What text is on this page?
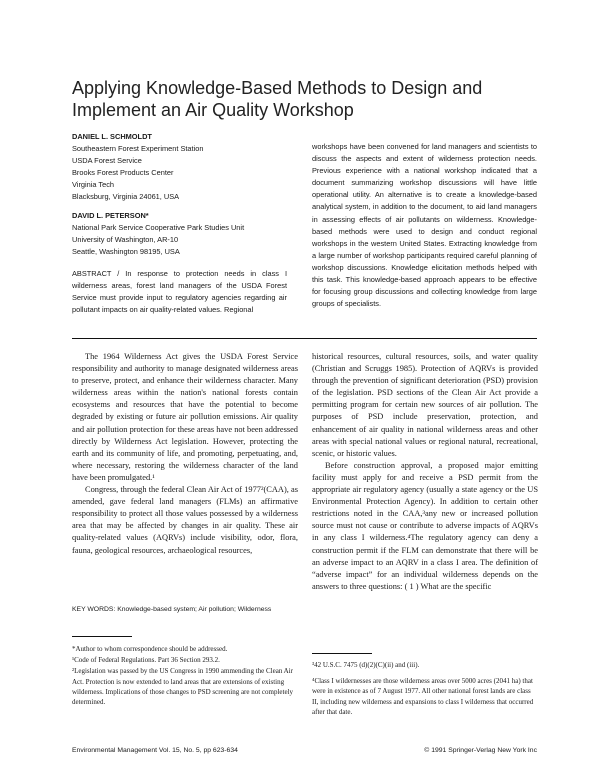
Applying Knowledge-Based Methods to Design and
Implement an Air Quality Workshop
DANIEL L. SCHMOLDT
Southeastern Forest Experiment Station
USDA Forest Service
Brooks Forest Products Center
Virginia Tech
Blacksburg, Virginia 24061, USA
DAVID L. PETERSON*
National Park Service Cooperative Park Studies Unit
University of Washington, AR-10
Seattle, Washington 98195, USA
ABSTRACT / In response to protection needs in class I wilderness areas, forest land managers of the USDA Forest Service must provide input to regulatory agencies regarding air pollutant impacts on air quality-related values. Regional
workshops have been convened for land managers and scientists to discuss the aspects and extent of wilderness protection needs. Previous experience with a national workshop indicated that a document summarizing workshop discussions will have little operational utility. An alternative is to create a knowledge-based analytical system, in addition to the document, to aid land managers in assessing effects of air pollutants on wilderness. Knowledge-based methods were used to design and conduct regional workshops in the western United States. Extracting knowledge from a large number of workshop participants required careful planning of workshop discussions. Knowledge elicitation methods helped with this task. This knowledge-based approach appears to be effective for focusing group discussions and collecting knowledge from large groups of specialists.

The 1964 Wilderness Act gives the USDA Forest Service responsibility and authority to manage designated wilderness areas to preserve, protect, and enhance their wilderness character. Many wilderness areas within the nation's national forests contain ecosystems and resources that have the potential to become degraded by existing or future air pollution emissions. Air quality and air pollution protection for these areas have not been addressed directly by Wilderness Act legislation. However, protecting the earth and its community of life, and promoting, perpetuating, and, where necessary, restoring the wilderness character of the land have been promulgated.¹

Congress, through the federal Clean Air Act of 1977²(CAA), as amended, gave federal land managers (FLMs) an affirmative responsibility to protect all those values possessed by a wilderness area that may be affected by changes in air quality. These air quality-related values (AQRVs) include visibility, odor, flora, fauna, geological resources, archaeological resources,

historical resources, cultural resources, soils, and water quality (Christian and Scruggs 1985). Protection of AQRVs is provided through the prevention of significant deterioration (PSD) provision of the legislation. PSD sections of the Clean Air Act provide a permitting program for certain new sources of air pollution. The purposes of PSD include preservation, protection, and enhancement of air quality in national wilderness areas and other areas with special national values or regional natural, recreational, scenic, or historic values.

Before construction approval, a proposed major emitting facility must apply for and receive a PSD permit from the appropriate air regulatory agency (usually a state agency or the US Environmental Protection Agency). In addition to certain other restrictions noted in the CAA,³any new or increased pollution source must not cause or contribute to adverse impacts of AQRVs in any class I wilderness.⁴The regulatory agency can deny a construction permit if the FLM can demonstrate that there will be an adverse impact to an AQRV in a class I area. The definition of “adverse impact” for an individual wilderness depends on the answers to three questions: ( 1 ) What are the specific

KEY WORDS: Knowledge-based system; Air pollution; Wilderness
*Author to whom correspondence should be addressed.
¹Code of Federal Regulations. Part 36 Section 293.2.
²Legislation was passed by the US Congress in 1990 ammending the Clean Air Act. Protection is now extended to land areas that are extensions of existing wilderness. Implications of those changes to PSD screening are not completely determined.
³42 U.S.C. 7475 (d)(2)(C)(ii) and (iii).
⁴Class I wildernesses are those wilderness areas over 5000 acres (2041 ha) that were in existence as of 7 August 1977. All other national forest lands are class II, including new wilderness and expansions to class I wilderness that occurred after that date.
Environmental Management Vol. 15, No. 5, pp 623-634	© 1991 Springer-Verlag New York Inc
